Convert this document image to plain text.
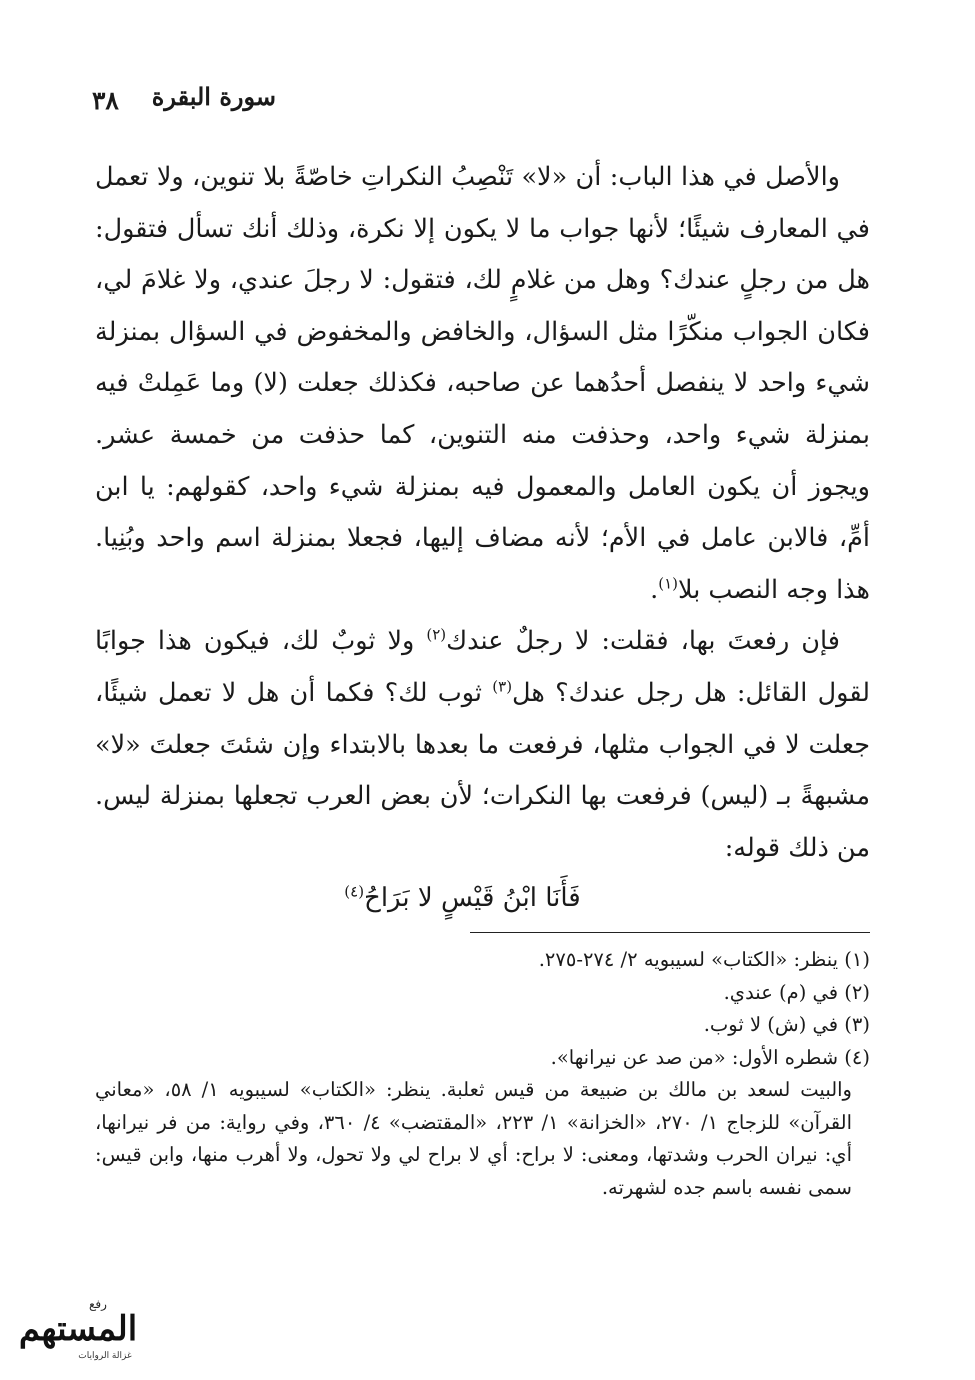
٣٨ سورة البقرة

والأصل في هذا الباب: أن «لا» تَنْصِبُ النكراتِ خاصّةً بلا تنوين، ولا تعمل في المعارف شيئًا؛ لأنها جواب ما لا يكون إلا نكرة، وذلك أنك تسأل فتقول: هل من رجلٍ عندك؟ وهل من غلامٍ لك، فتقول: لا رجلَ عندي، ولا غلامَ لي، فكان الجواب منكّرًا مثل السؤال، والخافض والمخفوض في السؤال بمنزلة شيء واحد لا ينفصل أحدُهما عن صاحبه، فكذلك جعلت (لا) وما عَمِلتْ فيه بمنزلة شيء واحد، وحذفت منه التنوين، كما حذفت من خمسة عشر. ويجوز أن يكون العامل والمعمول فيه بمنزلة شيء واحد، كقولهم: يا ابن أمِّ، فالابن عامل في الأم؛ لأنه مضاف إليها، فجعلا بمنزلة اسم واحد وبُنِيا. هذا وجه النصب بلا$^{(١)}$.

فإن رفعتَ بها، فقلت: لا رجلٌ عندك$^{(٢)}$ ولا ثوبٌ لك، فيكون هذا جوابًا لقول القائل: هل رجل عندك؟ هل$^{(٣)}$ ثوب لك؟ فكما أن هل لا تعمل شيئًا، جعلت لا في الجواب مثلها، فرفعت ما بعدها بالابتداء وإن شئتَ جعلتَ «لا» مشبهةً بـ (ليس) فرفعت بها النكرات؛ لأن بعض العرب تجعلها بمنزلة ليس. من ذلك قوله:

فَأَنَا ابْنُ قَيْسٍ لا بَرَاحُ$^{(٤)}$

(١) ينظر: «الكتاب» لسيبويه ٢/ ٢٧٤-٢٧٥.

(٢) في (م) عندي.

(٣) في (ش) لا ثوب.

(٤) شطره الأول: «من صد عن نيرانها».

والبيت لسعد بن مالك بن ضبيعة من قيس ثعلبة. ينظر: «الكتاب» لسيبويه ١/ ٥٨، «معاني القرآن» للزجاج ١/ ٢٧٠، «الخزانة» ١/ ٢٢٣، «المقتضب» ٤/ ٣٦٠، وفي رواية: من فر نيرانها، أي: نيران الحرب وشدتها، ومعنى: لا براح: أي لا براح لي ولا تحول، ولا أهرب منها، وابن قيس: سمى نفسه باسم جده لشهرته.

رفع
المستهم
غزالة الروايات
